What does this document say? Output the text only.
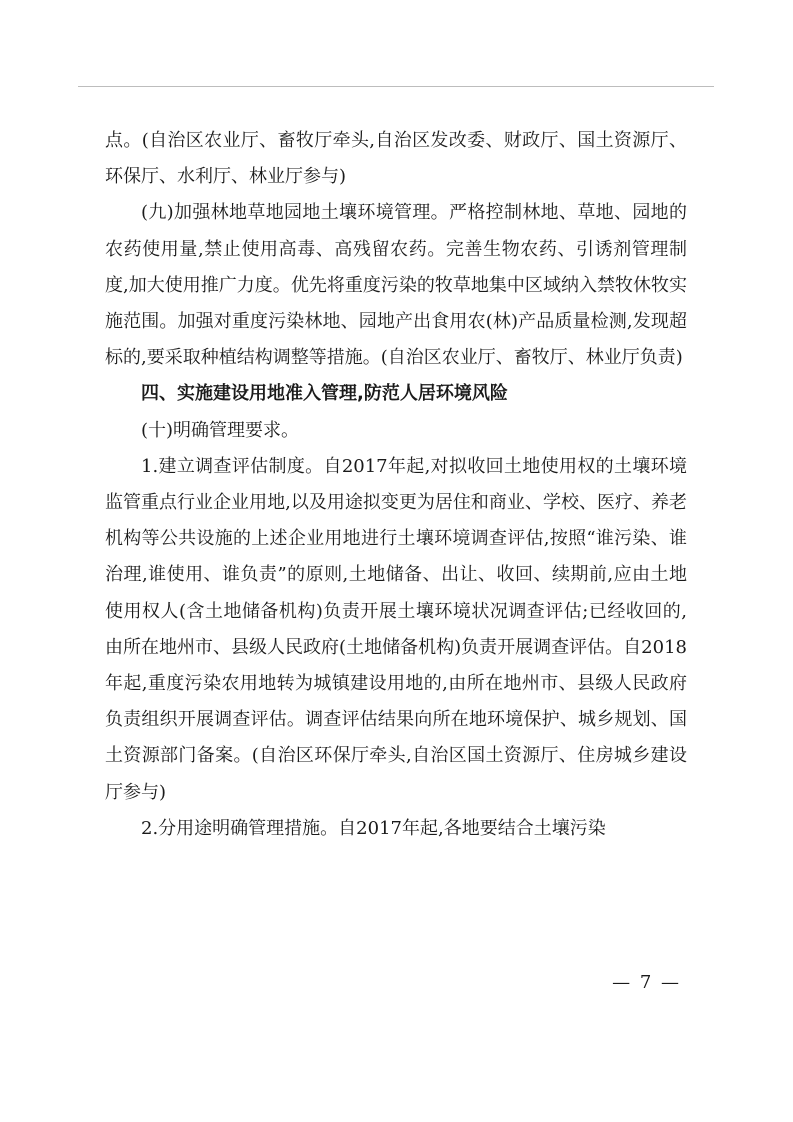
点。(自治区农业厅、畜牧厅牵头,自治区发改委、财政厅、国土资源厅、环保厅、水利厅、林业厅参与)

(九)加强林地草地园地土壤环境管理。严格控制林地、草地、园地的农药使用量,禁止使用高毒、高残留农药。完善生物农药、引诱剂管理制度,加大使用推广力度。优先将重度污染的牧草地集中区域纳入禁牧休牧实施范围。加强对重度污染林地、园地产出食用农(林)产品质量检测,发现超标的,要采取种植结构调整等措施。(自治区农业厅、畜牧厅、林业厅负责)

四、实施建设用地准入管理,防范人居环境风险

(十)明确管理要求。

1.建立调查评估制度。自2017年起,对拟收回土地使用权的土壤环境监管重点行业企业用地,以及用途拟变更为居住和商业、学校、医疗、养老机构等公共设施的上述企业用地进行土壤环境调查评估,按照“谁污染、谁治理,谁使用、谁负责”的原则,土地储备、出让、收回、续期前,应由土地使用权人(含土地储备机构)负责开展土壤环境状况调查评估;已经收回的,由所在地州市、县级人民政府(土地储备机构)负责开展调查评估。自2018年起,重度污染农用地转为城镇建设用地的,由所在地州市、县级人民政府负责组织开展调查评估。调查评估结果向所在地环境保护、城乡规划、国土资源部门备案。(自治区环保厅牵头,自治区国土资源厅、住房城乡建设厅参与)

2.分用途明确管理措施。自2017年起,各地要结合土壤污染

— 7 —
